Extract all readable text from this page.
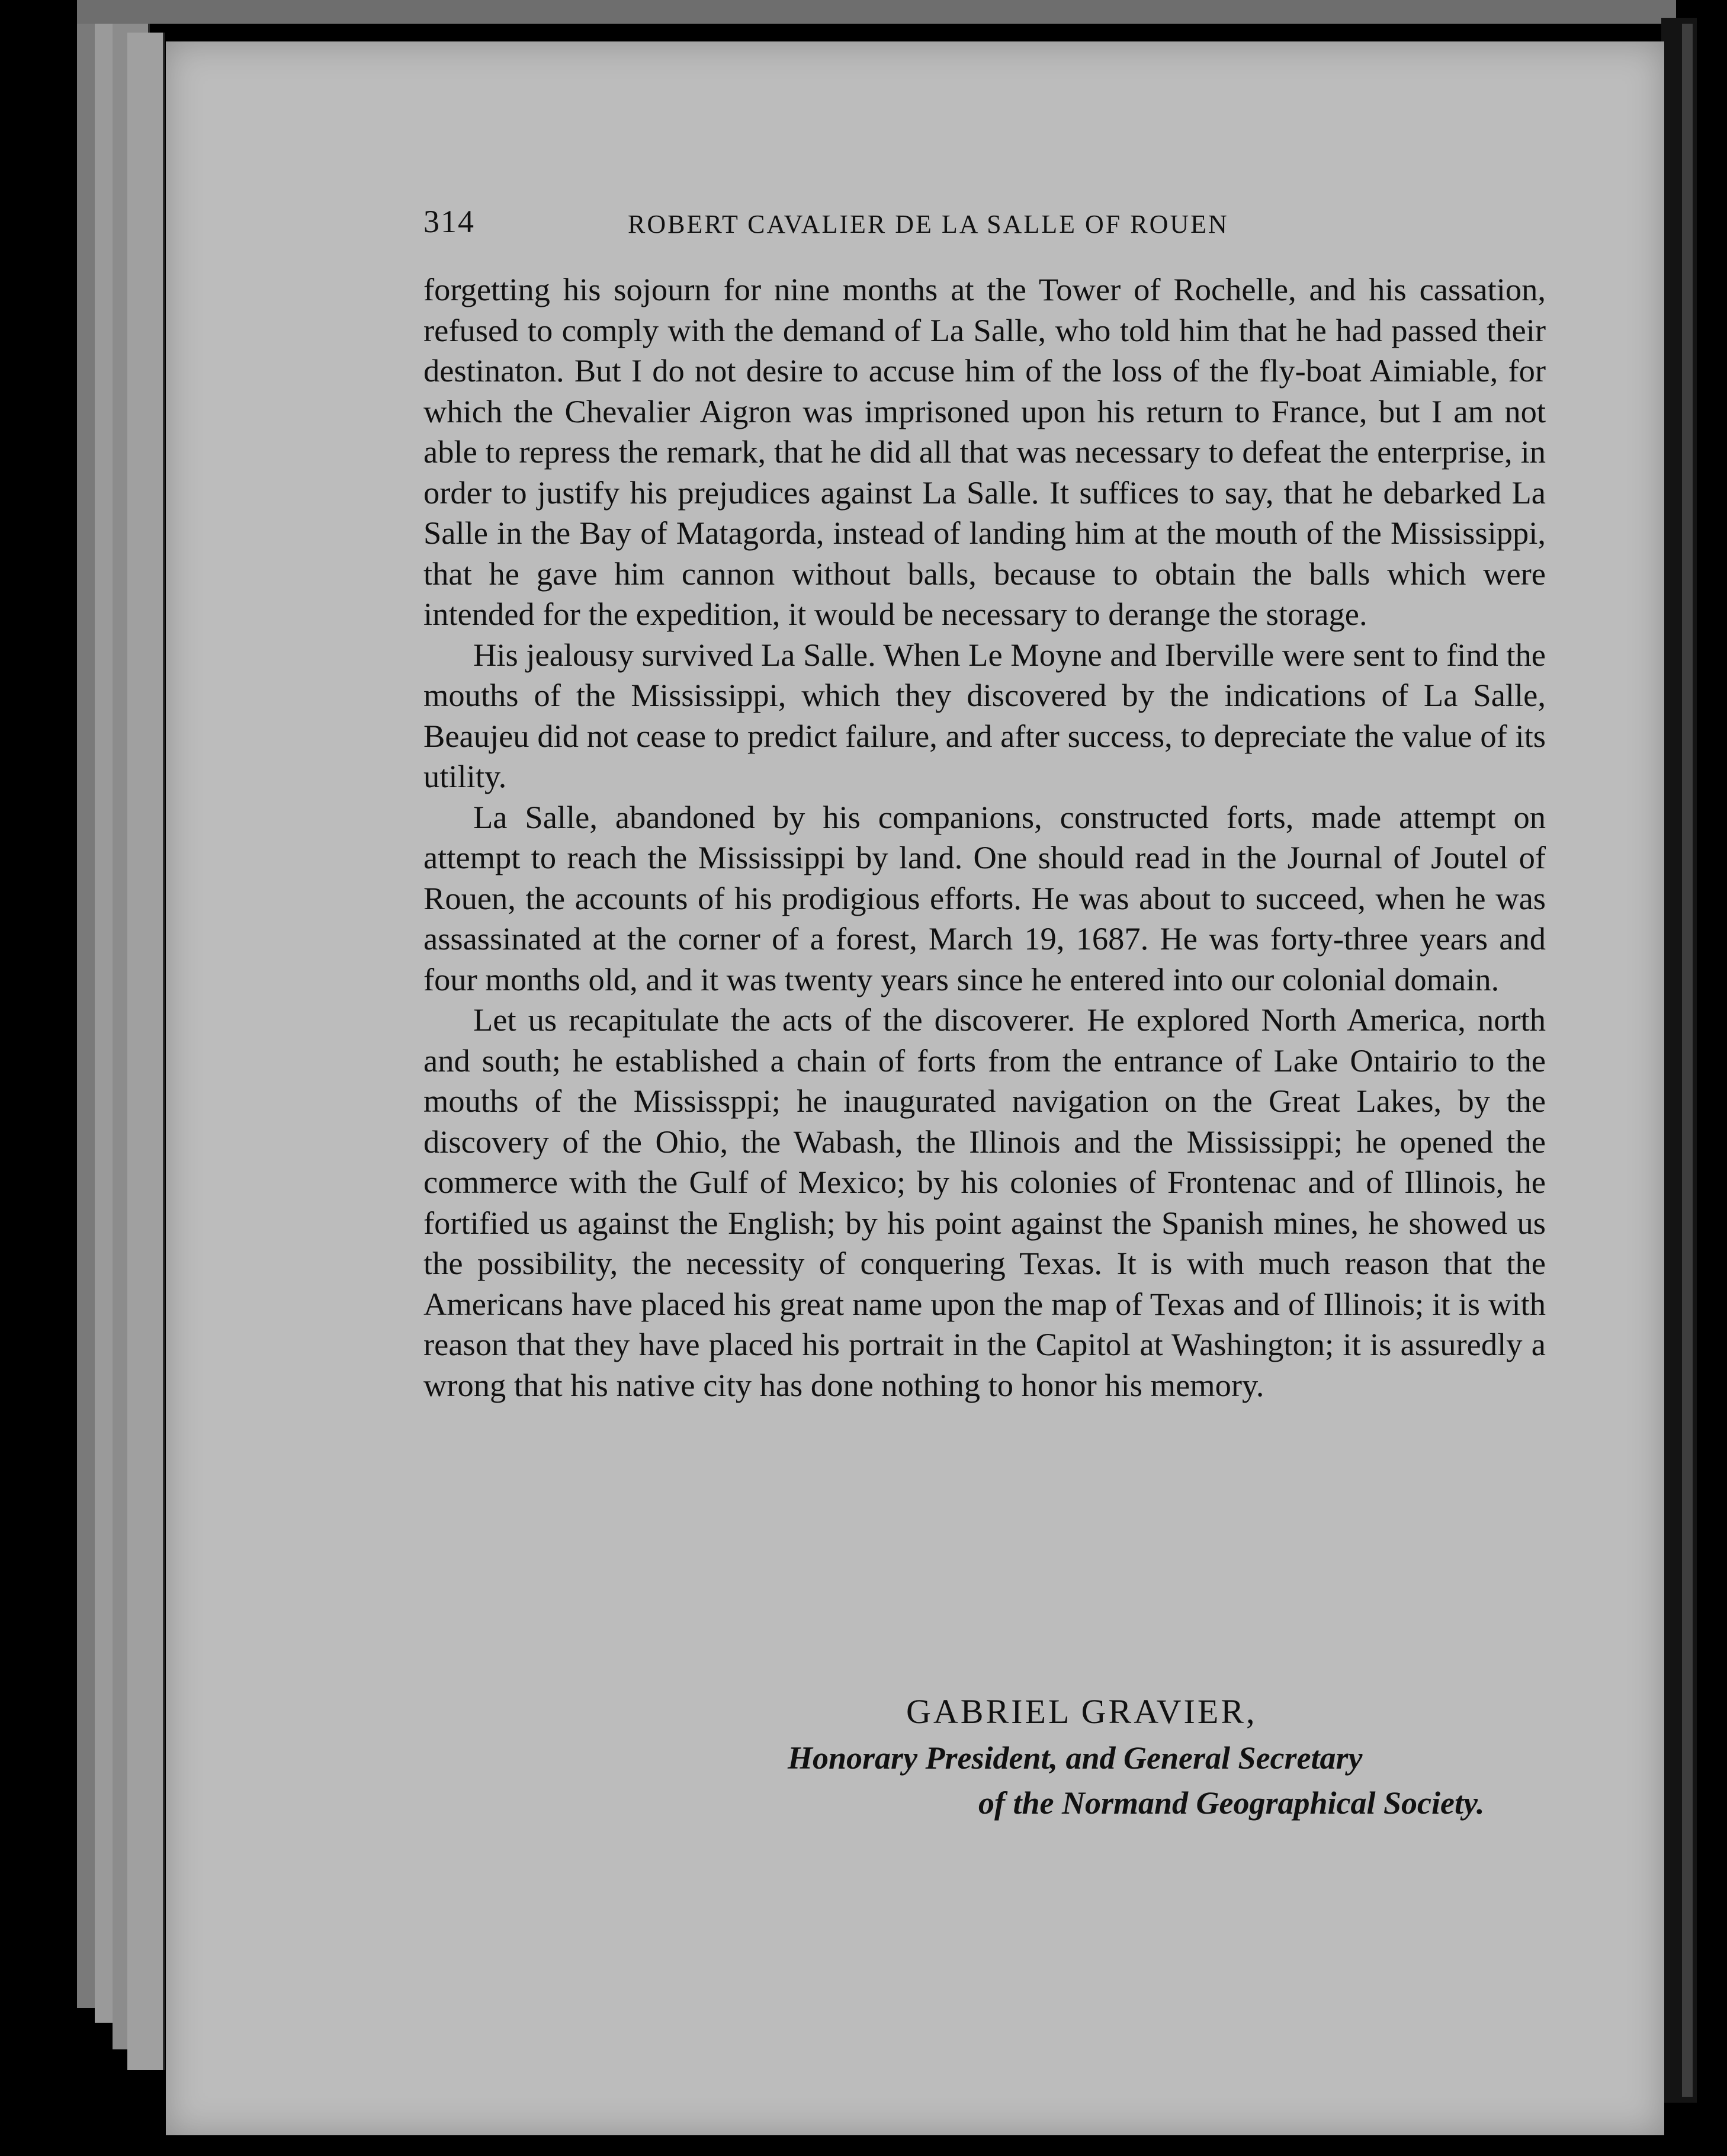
314	ROBERT CAVALIER DE LA SALLE OF ROUEN

forgetting his sojourn for nine months at the Tower of Rochelle, and his cassation, refused to comply with the demand of La Salle, who told him that he had passed their destinaton. But I do not desire to accuse him of the loss of the fly-boat Aimiable, for which the Chevalier Aigron was imprisoned upon his return to France, but I am not able to repress the remark, that he did all that was necessary to defeat the enterprise, in order to justify his prejudices against La Salle. It suffices to say, that he debarked La Salle in the Bay of Matagorda, instead of landing him at the mouth of the Mississippi, that he gave him cannon without balls, because to obtain the balls which were intended for the expedition, it would be necessary to derange the storage.

His jealousy survived La Salle. When Le Moyne and Iberville were sent to find the mouths of the Mississippi, which they discovered by the indications of La Salle, Beaujeu did not cease to predict failure, and after success, to depreciate the value of its utility.

La Salle, abandoned by his companions, constructed forts, made attempt on attempt to reach the Mississippi by land. One should read in the Journal of Joutel of Rouen, the accounts of his prodigious efforts. He was about to succeed, when he was assassinated at the corner of a forest, March 19, 1687. He was forty-three years and four months old, and it was twenty years since he entered into our colonial domain.

Let us recapitulate the acts of the discoverer. He explored North America, north and south; he established a chain of forts from the entrance of Lake Ontairio to the mouths of the Mississppi; he inaugurated navigation on the Great Lakes, by the discovery of the Ohio, the Wabash, the Illinois and the Mississippi; he opened the commerce with the Gulf of Mexico; by his colonies of Frontenac and of Illinois, he fortified us against the English; by his point against the Spanish mines, he showed us the possibility, the necessity of conquering Texas. It is with much reason that the Americans have placed his great name upon the map of Texas and of Illinois; it is with reason that they have placed his portrait in the Capitol at Washington; it is assuredly a wrong that his native city has done nothing to honor his memory.

GABRIEL GRAVIER,
Honorary President, and General Secretary
of the Normand Geographical Society.
